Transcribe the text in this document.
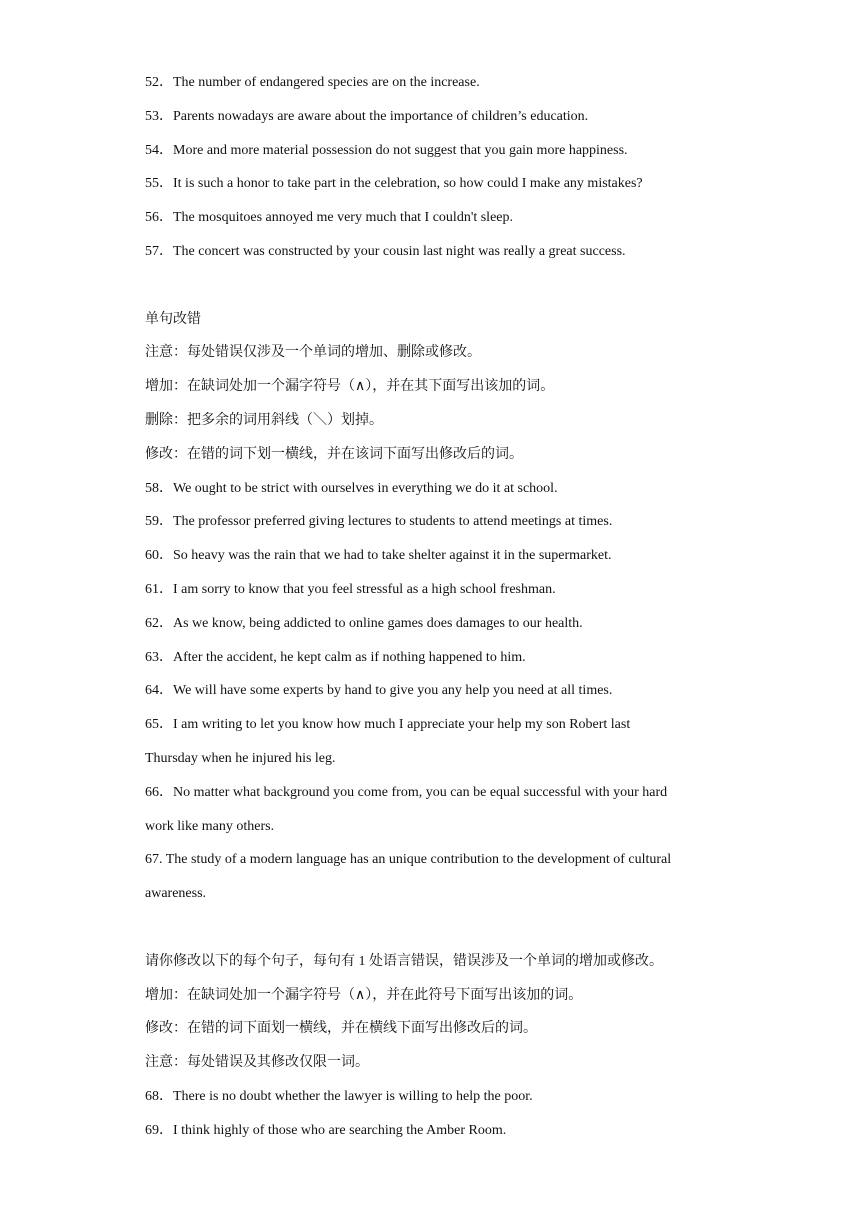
52．The number of endangered species are on the increase.
53．Parents nowadays are aware about the importance of children’s education.
54．More and more material possession do not suggest that you gain more happiness.
55．It is such a honor to take part in the celebration, so how could I make any mistakes?
56．The mosquitoes annoyed me very much that I couldn't sleep.
57．The concert was constructed by your cousin last night was really a great success.
单句改错
注意：每处错误仅涉及一个单词的增加、删除或修改。
增加：在缺词处加一个漏字符号（∧），并在其下面写出该加的词。
删除：把多余的词用斜线（＼）划掉。
修改：在错的词下划一横线，并在该词下面写出修改后的词。
58．We ought to be strict with ourselves in everything we do it at school.
59．The professor preferred giving lectures to students to attend meetings at times.
60．So heavy was the rain that we had to take shelter against it in the supermarket.
61．I am sorry to know that you feel stressful as a high school freshman.
62．As we know, being addicted to online games does damages to our health.
63．After the accident, he kept calm as if nothing happened to him.
64．We will have some experts by hand to give you any help you need at all times.
65．I am writing to let you know how much I appreciate your help my son Robert last
Thursday when he injured his leg.
66．No matter what background you come from, you can be equal successful with your hard
work like many others.
67. The study of a modern language has an unique contribution to the development of cultural
awareness.
请你修改以下的每个句子，每句有 1 处语言错误，错误涉及一个单词的增加或修改。
增加：在缺词处加一个漏字符号（∧），并在此符号下面写出该加的词。
修改：在错的词下面划一横线，并在横线下面写出修改后的词。
注意：每处错误及其修改仅限一词。
68．There is no doubt whether the lawyer is willing to help the poor.
69．I think highly of those who are searching the Amber Room.
